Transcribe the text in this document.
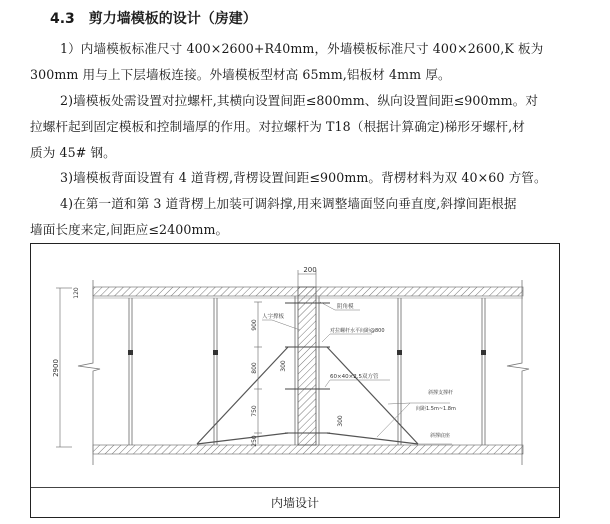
4.3　剪力墙模板的设计（房建）
1）内墙模板标准尺寸 400×2600+R40mm，外墙模板标准尺寸 400×2600,K 板为
300mm 用与上下层墙板连接。外墙模板型材高 65mm,铝板材 4mm 厚。
2)墙模板处需设置对拉螺杆,其横向设置间距≤800mm、纵向设置间距≤900mm。对
拉螺杆起到固定模板和控制墙厚的作用。对拉螺杆为 T18（根据计算确定)梯形牙螺杆,材
质为 45# 钢。
3)墙模板背面设置有 4 道背楞,背楞设置间距≤900mm。背楞材料为双 40×60 方管。
4)在第一道和第 3 道背楞上加装可调斜撑,用来调整墙面竖向垂直度,斜撑间距根据
墙面长度来定,间距应≤2400mm。
内墙设计
200
120
2900
900
800
750
250
300
300
阴角模
人字撑板
对拉螺杆水平间距@800
60×40×2.5双方管
斜撑支撑杆
间距1.5m~1.8m
斜撑底座
